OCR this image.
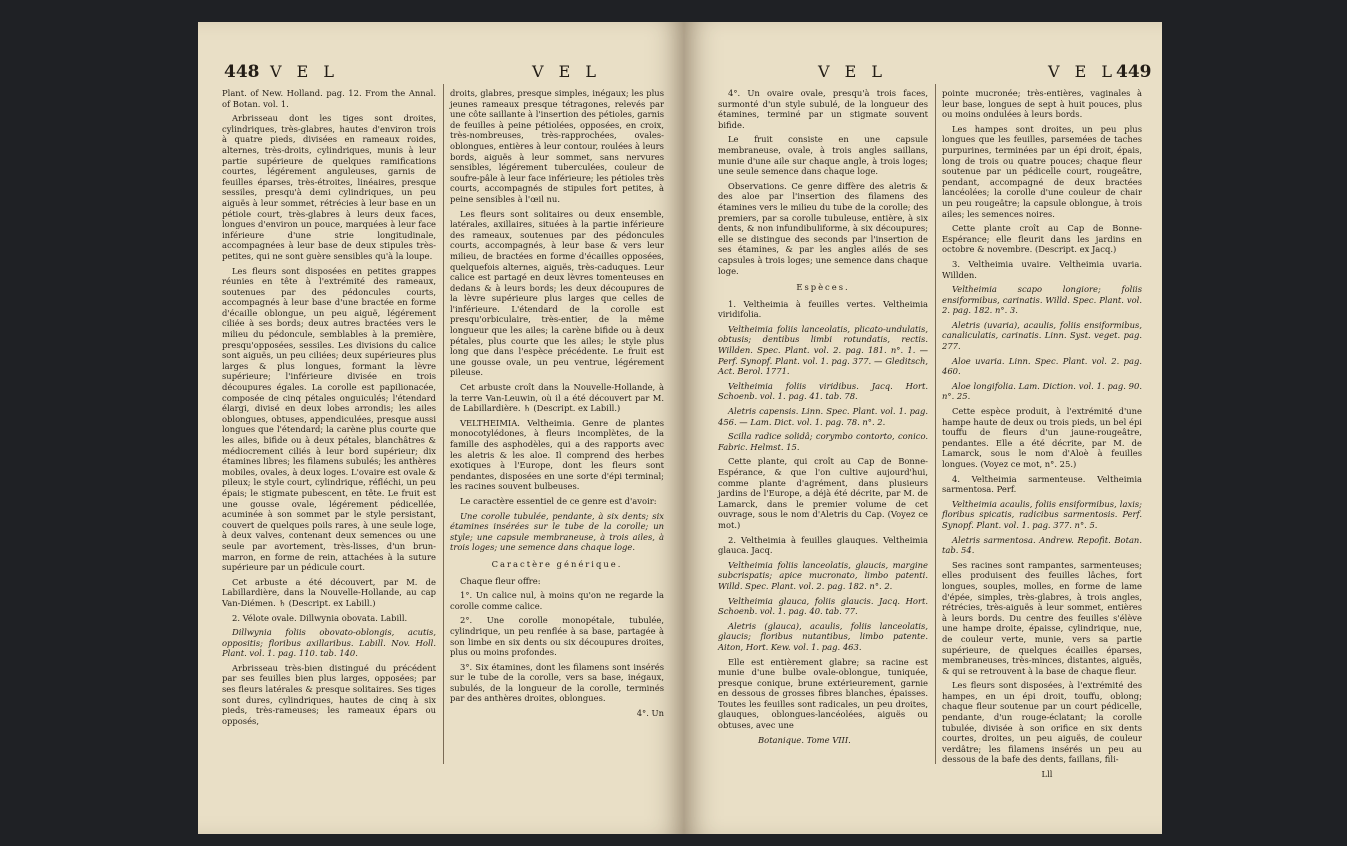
448 V E L	V E L

Plant. of New. Holland. pag. 12. From the Annal. of Botan. vol. 1.

Arbrisseau dont les tiges sont droites, cylindriques, très-glabres, hautes d'environ trois à quatre pieds, divisées en rameaux roides, alternes, très-droits, cylindriques, munis à leur partie supérieure de quelques ramifications courtes, légérement anguleuses, garnis de feuilles éparses, très-étroites, linéaires, presque sessiles, presqu'à demi cylindriques, un peu aiguës à leur sommet, rétrécies à leur base en un pétiole court, très-glabres à leurs deux faces, longues d'environ un pouce, marquées à leur face inférieure d'une strie longitudinale, accompagnées à leur base de deux stipules très-petites, qui ne sont guère sensibles qu'à la loupe.

Les fleurs sont disposées en petites grappes réunies en tête à l'extrémité des rameaux, soutenues par des pédoncules courts, accompagnés à leur base d'une bractée en forme d'écaille oblongue, un peu aiguë, légérement ciliée à ses bords; deux autres bractées vers le milieu du pédoncule, semblables à la première, presqu'opposées, sessiles. Les divisions du calice sont aiguës, un peu ciliées; deux supérieures plus larges & plus longues, formant la lèvre supérieure; l'inférieure divisée en trois découpures égales. La corolle est papilionacée, composée de cinq pétales onguiculés; l'étendard élargi, divisé en deux lobes arrondis; les ailes oblongues, obtuses, appendiculées, presque aussi longues que l'étendard; la carène plus courte que les ailes, bifide ou à deux pétales, blanchâtres & médiocrement ciliés à leur bord supérieur; dix étamines libres; les filamens subulés; les anthères mobiles, ovales, à deux loges. L'ovaire est ovale & pileux; le style court, cylindrique, réfléchi, un peu épais; le stigmate pubescent, en tête. Le fruit est une gousse ovale, légérement pédicellée, acuminée à son sommet par le style persistant, couvert de quelques poils rares, à une seule loge, à deux valves, contenant deux semences ou une seule par avortement, très-lisses, d'un brun-marron, en forme de rein, attachées à la suture supérieure par un pédicule court.

Cet arbuste a été découvert, par M. de Labillardière, dans la Nouvelle-Hollande, au cap Van-Diémen. ♄ (Descript. ex Labill.)

2. Vélote ovale. Dillwynia obovata. Labill.

Dillwynia foliis obovato-oblongis, acutis, oppositis; floribus axillaribus. Labill. Nov. Holl. Plant. vol. 1. pag. 110. tab. 140.

Arbrisseau très-bien distingué du précédent par ses feuilles bien plus larges, opposées; par ses fleurs latérales & presque solitaires. Ses tiges sont dures, cylindriques, hautes de cinq à six pieds, très-rameuses; les rameaux épars ou opposés,

droits, glabres, presque simples, inégaux; les plus jeunes rameaux presque tétragones, relevés par une côte saillante à l'insertion des pétioles, garnis de feuilles à peine pétiolées, opposées, en croix, très-nombreuses, très-rapprochées, ovales-oblongues, entières à leur contour, roulées à leurs bords, aiguës à leur sommet, sans nervures sensibles, légérement tuberculées, couleur de soufre-pâle à leur face inférieure; les pétioles très courts, accompagnés de stipules fort petites, à peine sensibles à l'œil nu.

Les fleurs sont solitaires ou deux ensemble, latérales, axillaires, situées à la partie inférieure des rameaux, soutenues par des pédoncules courts, accompagnés, à leur base & vers leur milieu, de bractées en forme d'écailles opposées, quelquefois alternes, aiguës, très-caduques. Leur calice est partagé en deux lèvres tomenteuses en dedans & à leurs bords; les deux découpures de la lèvre supérieure plus larges que celles de l'inférieure. L'étendard de la corolle est presqu'orbiculaire, très-entier, de la même longueur que les ailes; la carène bifide ou à deux pétales, plus courte que les ailes; le style plus long que dans l'espèce précédente. Le fruit est une gousse ovale, un peu ventrue, légérement pileuse.

Cet arbuste croît dans la Nouvelle-Hollande, à la terre Van-Leuwin, où il a été découvert par M. de Labillardière. ♄ (Descript. ex Labill.)

VELTHEIMIA. Veltheimia. Genre de plantes monocotylédones, à fleurs incomplètes, de la famille des asphodèles, qui a des rapports avec les aletris & les aloe. Il comprend des herbes exotiques à l'Europe, dont les fleurs sont pendantes, disposées en une sorte d'épi terminal; les racines souvent bulbeuses.

Le caractère essentiel de ce genre est d'avoir:

Une corolle tubulée, pendante, à six dents; six étamines insérées sur le tube de la corolle; un style; une capsule membraneuse, à trois ailes, à trois loges; une semence dans chaque loge.

Caractère générique.

Chaque fleur offre:

1°. Un calice nul, à moins qu'on ne regarde la corolle comme calice.

2°. Une corolle monopétale, tubulée, cylindrique, un peu renflée à sa base, partagée à son limbe en six dents ou six découpures droites, plus ou moins profondes.

3°. Six étamines, dont les filamens sont insérés sur le tube de la corolle, vers sa base, inégaux, subulés, de la longueur de la corolle, terminés par des anthères droites, oblongues.

4°. Un

V E L	V E L
449

4°. Un ovaire ovale, presqu'à trois faces, surmonté d'un style subulé, de la longueur des étamines, terminé par un stigmate souvent bifide.

Le fruit consiste en une capsule membraneuse, ovale, à trois angles saillans, munie d'une aile sur chaque angle, à trois loges; une seule semence dans chaque loge.

Observations. Ce genre diffère des aletris & des aloe par l'insertion des filamens des étamines vers le milieu du tube de la corolle; des premiers, par sa corolle tubuleuse, entière, à six dents, & non infundibuliforme, à six découpures; elle se distingue des seconds par l'insertion de ses étamines, & par les angles ailés de ses capsules à trois loges; une semence dans chaque loge.

Espèces.

1. Veltheimia à feuilles vertes. Veltheimia viridifolia.

Veltheimia foliis lanceolatis, plicato-undulatis, obtusis; dentibus limbi rotundatis, rectis. Willden. Spec. Plant. vol. 2. pag. 181. n°. 1. — Perf. Synopf. Plant. vol. 1. pag. 377. — Gleditsch, Act. Berol. 1771.

Veltheimia foliis viridibus. Jacq. Hort. Schoenb. vol. 1. pag. 41. tab. 78.

Aletris capensis. Linn. Spec. Plant. vol. 1. pag. 456. — Lam. Dict. vol. 1. pag. 78. n°. 2.

Scilla radice solidâ; corymbo contorto, conico. Fabric. Helmst. 15.

Cette plante, qui croît au Cap de Bonne-Espérance, & que l'on cultive aujourd'hui, comme plante d'agrément, dans plusieurs jardins de l'Europe, a déjà été décrite, par M. de Lamarck, dans le premier volume de cet ouvrage, sous le nom d'Aletris du Cap. (Voyez ce mot.)

2. Veltheimia à feuilles glauques. Veltheimia glauca. Jacq.

Veltheimia foliis lanceolatis, glaucis, margine subcrispatis; apice mucronato, limbo patenti. Willd. Spec. Plant. vol. 2. pag. 182. n°. 2.

Veltheimia glauca, foliis glaucis. Jacq. Hort. Schoenb. vol. 1. pag. 40. tab. 77.

Aletris (glauca), acaulis, foliis lanceolatis, glaucis; floribus nutantibus, limbo patente. Aiton, Hort. Kew. vol. 1. pag. 463.

Elle est entièrement glabre; sa racine est munie d'une bulbe ovale-oblongue, tuniquée, presque conique, brune extérieurement, garnie en dessous de grosses fibres blanches, épaisses. Toutes les feuilles sont radicales, un peu droites, glauques, oblongues-lancéolées, aiguës ou obtuses, avec une

Botanique. Tome VIII.

pointe mucronée; très-entières, vaginales à leur base, longues de sept à huit pouces, plus ou moins ondulées à leurs bords.

Les hampes sont droites, un peu plus longues que les feuilles, parsemées de taches purpurines, terminées par un épi droit, épais, long de trois ou quatre pouces; chaque fleur soutenue par un pédicelle court, rougeâtre, pendant, accompagné de deux bractées lancéolées; la corolle d'une couleur de chair un peu rougeâtre; la capsule oblongue, à trois ailes; les semences noires.

Cette plante croît au Cap de Bonne-Espérance; elle fleurit dans les jardins en octobre & novembre. (Descript. ex Jacq.)

3. Veltheimia uvaire. Veltheimia uvaria. Willden.

Veltheimia scapo longiore; foliis ensiformibus, carinatis. Willd. Spec. Plant. vol. 2. pag. 182. n°. 3.

Aletris (uvaria), acaulis, foliis ensiformibus, canaliculatis, carinatis. Linn. Syst. veget. pag. 277.

Aloe uvaria. Linn. Spec. Plant. vol. 2. pag. 460.

Aloe longifolia. Lam. Diction. vol. 1. pag. 90. n°. 25.

Cette espèce produit, à l'extrémité d'une hampe haute de deux ou trois pieds, un bel épi touffu de fleurs d'un jaune-rougeâtre, pendantes. Elle a été décrite, par M. de Lamarck, sous le nom d'Aloè à feuilles longues. (Voyez ce mot, n°. 25.)

4. Veltheimia sarmenteuse. Veltheimia sarmentosa. Perf.

Veltheimia acaulis, foliis ensiformibus, laxis; floribus spicatis, radicibus sarmentosis. Perf. Synopf. Plant. vol. 1. pag. 377. n°. 5.

Aletris sarmentosa. Andrew. Repofit. Botan. tab. 54.

Ses racines sont rampantes, sarmenteuses; elles produisent des feuilles lâches, fort longues, souples, molles, en forme de lame d'épée, simples, très-glabres, à trois angles, rétrécies, très-aiguës à leur sommet, entières à leurs bords. Du centre des feuilles s'élève une hampe droite, épaisse, cylindrique, nue, de couleur verte, munie, vers sa partie supérieure, de quelques écailles éparses, membraneuses, très-minces, distantes, aiguës, & qui se retrouvent à la base de chaque fleur.

Les fleurs sont disposées, à l'extrémité des hampes, en un épi droit, touffu, oblong; chaque fleur soutenue par un court pédicelle, pendante, d'un rouge-éclatant; la corolle tubulée, divisée à son orifice en six dents courtes, droites, un peu aiguës, de couleur verdâtre; les filamens insérés un peu au dessous de la bafe des dents, faillans, fili-

Lll
